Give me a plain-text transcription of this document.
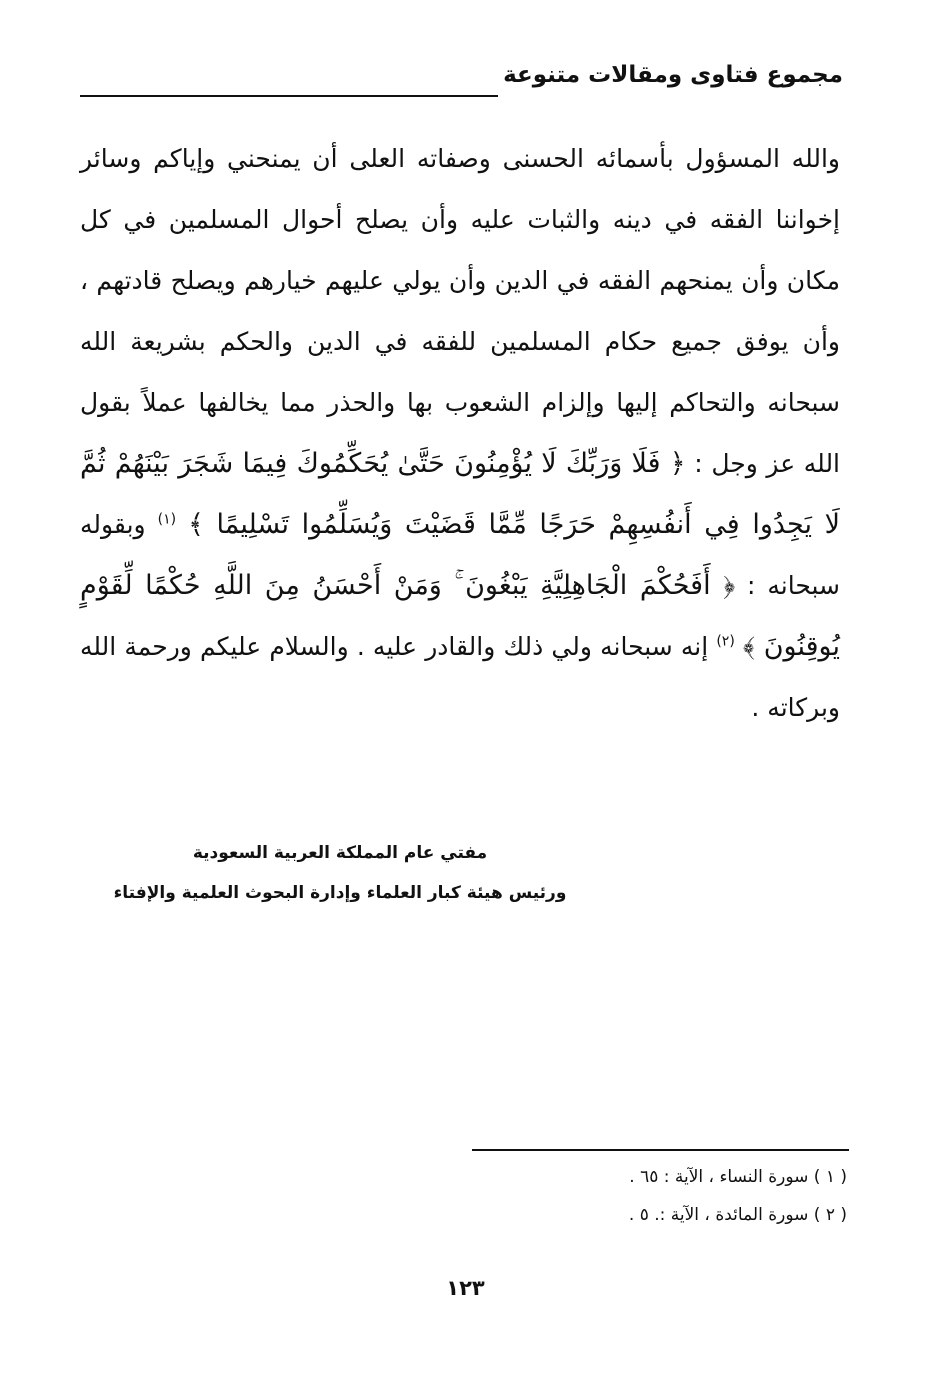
مجموع فتاوى ومقالات متنوعة
والله المسؤول بأسمائه الحسنى وصفاته العلى أن يمنحني وإياكم وسائر إخواننا الفقه في دينه والثبات عليه وأن يصلح أحوال المسلمين في كل مكان وأن يمنحهم الفقه في الدين وأن يولي عليهم خيارهم ويصلح قادتهم ، وأن يوفق جميع حكام المسلمين للفقه في الدين والحكم بشريعة الله سبحانه والتحاكم إليها وإلزام الشعوب بها والحذر مما يخالفها عملاً بقول الله عز وجل : ﴿ فَلَا وَرَبِّكَ لَا يُؤْمِنُونَ حَتَّىٰ يُحَكِّمُوكَ فِيمَا شَجَرَ بَيْنَهُمْ ثُمَّ لَا يَجِدُوا فِي أَنفُسِهِمْ حَرَجًا مِّمَّا قَضَيْتَ وَيُسَلِّمُوا تَسْلِيمًا ﴾ $^{(١)}$ وبقوله سبحانه : ﴿ أَفَحُكْمَ الْجَاهِلِيَّةِ يَبْغُونَ ۚ وَمَنْ أَحْسَنُ مِنَ اللَّهِ حُكْمًا لِّقَوْمٍ يُوقِنُونَ ﴾ $^{(٢)}$ إنه سبحانه ولي ذلك والقادر عليه . والسلام عليكم ورحمة الله وبركاته .
مفتي عام المملكة العربية السعودية
ورئيس هيئة كبار العلماء وإدارة البحوث العلمية والإفتاء
( ١ ) سورة النساء ، الآية : ٦٥ .
( ٢ ) سورة المائدة ، الآية :. ٥ .
١٢٣
